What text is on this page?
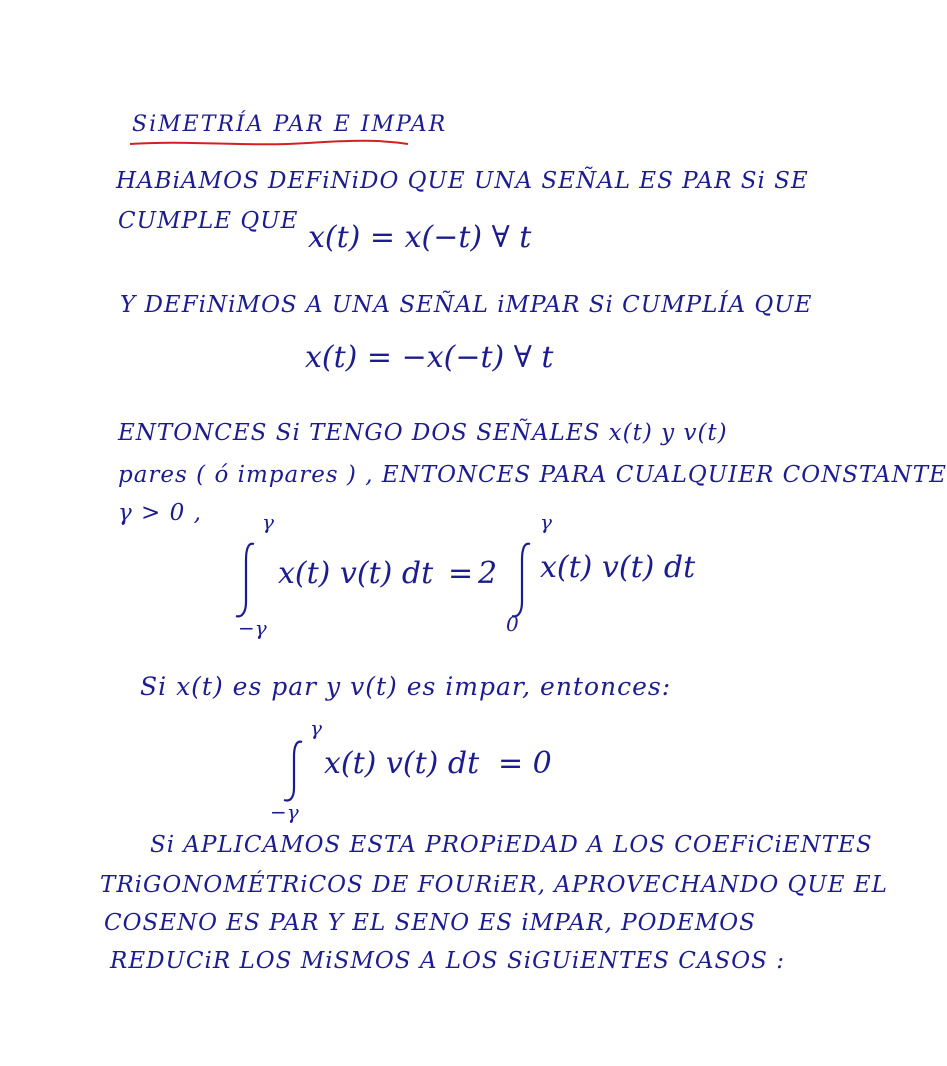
SiMETRÍA PAR E IMPAR
HABiAMOS DEFiNiDO QUE UNA SEÑAL ES PAR Si SE
CUMPLE QUE x(t) = x(−t) ∀ t
Y DEFiNiMOS A UNA SEÑAL iMPAR Si CUMPLÍA QUE
x(t) = −x(−t) ∀ t
ENTONCES Si TENGO DOS SEÑALES x(t) y v(t)
pares ( ó impares ) , ENTONCES PARA CUALQUIER CONSTANTE
γ > 0 ,	γ
−γ
x(t) v(t) dt = 2
γ
0
x(t) v(t) dt
Si x(t) es par y v(t) es impar, entonces:
γ
−γ
x(t) v(t) dt = 0
Si APLICAMOS ESTA PROPiEDAD A LOS COEFiCiENTES
TRiGONOMÉTRiCOS DE FOURiER, APROVECHANDO QUE EL
COSENO ES PAR Y EL SENO ES iMPAR, PODEMOS
REDUCiR LOS MiSMOS A LOS SiGUiENTES CASOS :
